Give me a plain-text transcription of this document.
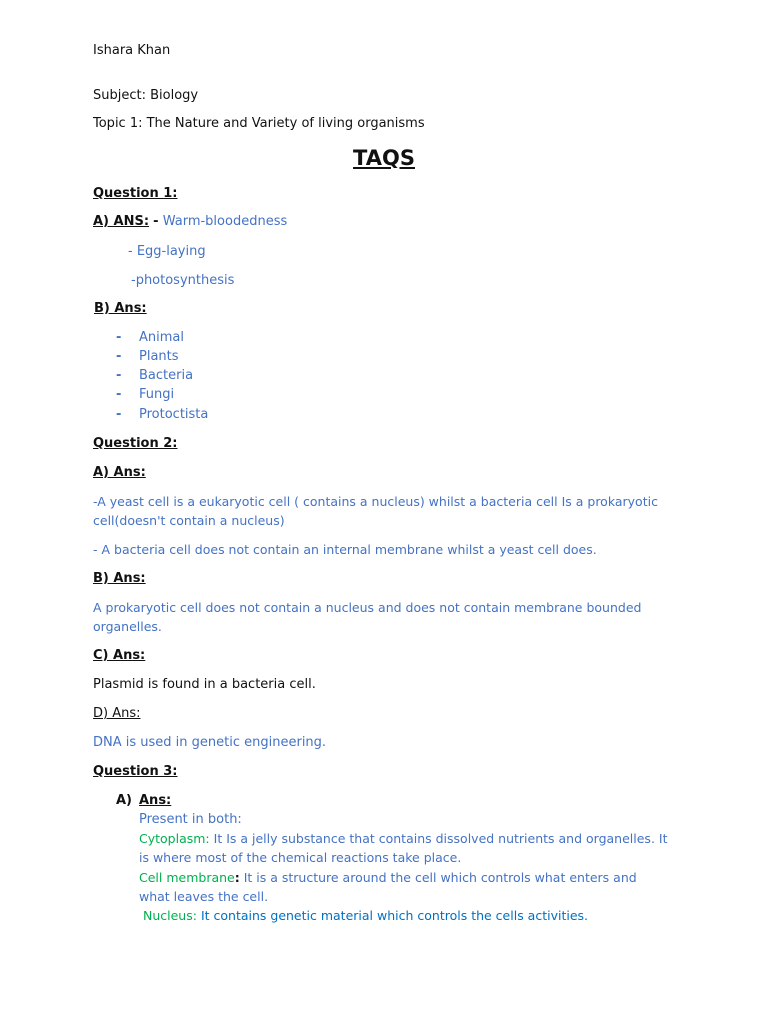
Ishara Khan
Subject: Biology
Topic 1: The Nature and Variety of living organisms
TAQS
Question 1:
A) ANS: - Warm-bloodedness
- Egg-laying
-photosynthesis
B) Ans:
- Animal
- Plants
- Bacteria
- Fungi
- Protoctista
Question 2:
A) Ans:
-A yeast cell is a eukaryotic cell ( contains a nucleus) whilst a bacteria cell Is a prokaryotic
cell(doesn't contain a nucleus)
- A bacteria cell does not contain an internal membrane whilst a yeast cell does.
B) Ans:
A prokaryotic cell does not contain a nucleus and does not contain membrane bounded
organelles.
C) Ans:
Plasmid is found in a bacteria cell.
D) Ans:
DNA is used in genetic engineering.
Question 3:
A) Ans:
Present in both:
Cytoplasm: It Is a jelly substance that contains dissolved nutrients and organelles. It
is where most of the chemical reactions take place.
Cell membrane: It is a structure around the cell which controls what enters and
what leaves the cell.
Nucleus: It contains genetic material which controls the cells activities.
